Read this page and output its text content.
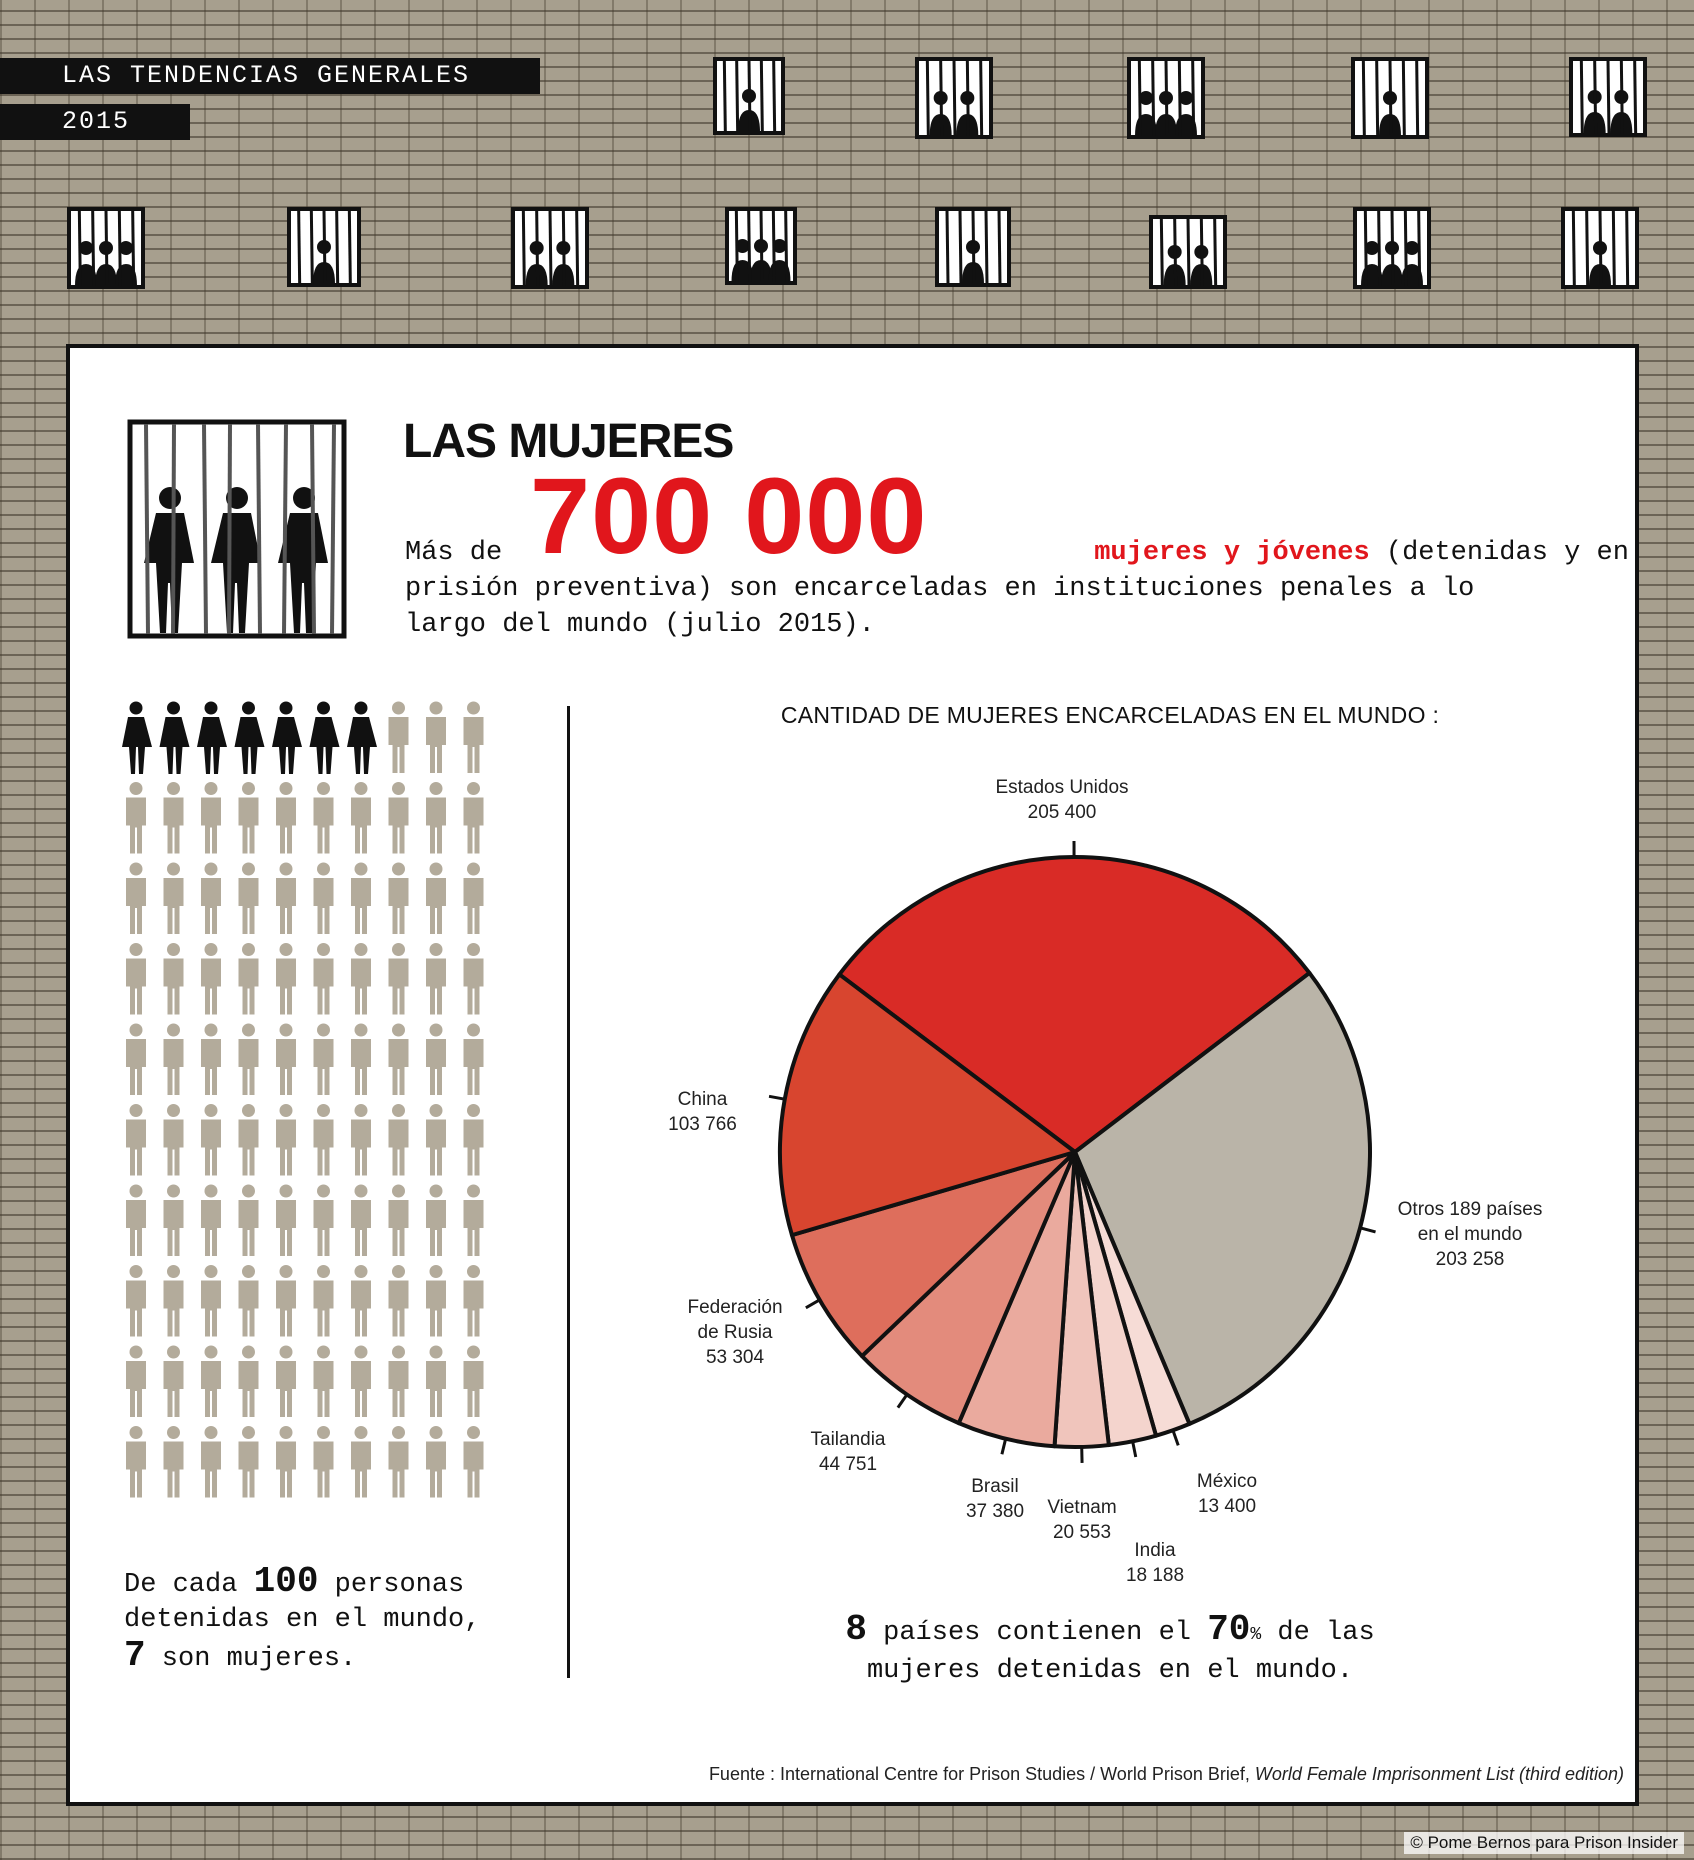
LAS TENDENCIAS GENERALES
2015
LAS MUJERES
700 000
Más de	mujeres y jóvenes (detenidas y en
prisión preventiva) son encarceladas en instituciones penales a lo
largo del mundo (julio 2015).
De cada 100 personas
detenidas en el mundo,
7 son mujeres.
CANTIDAD DE MUJERES ENCARCELADAS EN EL MUNDO :
Estados Unidos
205 400
Otros 189 países
en el mundo
203 258
México
13 400
India
18 188
Vietnam
20 553
Brasil
37 380
Tailandia
44 751
Federación
de Rusia
53 304
China
103 766
8 países contienen el 70% de las
mujeres detenidas en el mundo.
Fuente : International Centre for Prison Studies / World Prison Brief, World Female Imprisonment List (third edition)
© Pome Bernos para Prison Insider
